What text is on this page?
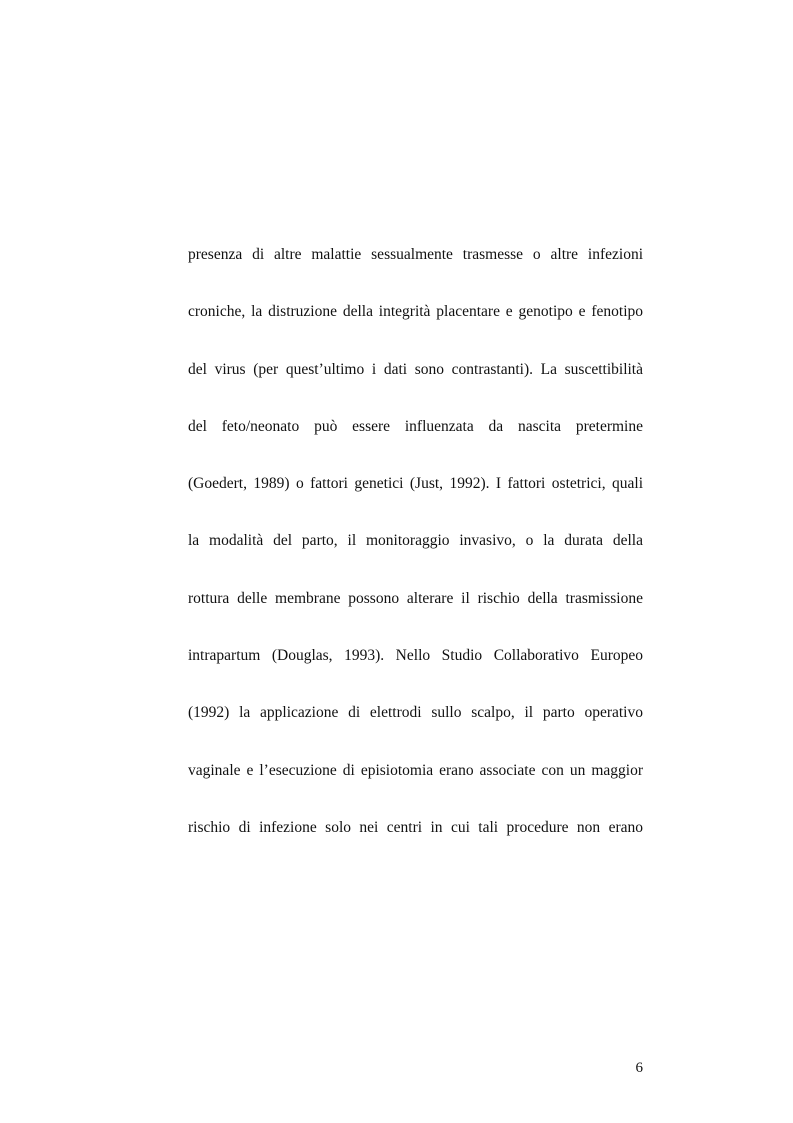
presenza di altre malattie sessualmente trasmesse o altre infezioni
croniche, la distruzione della integrità placentare e genotipo e fenotipo
del virus (per quest’ultimo i dati sono contrastanti). La suscettibilità
del feto/neonato può essere influenzata da nascita pretermine
(Goedert, 1989) o fattori genetici (Just, 1992). I fattori ostetrici, quali
la modalità del parto, il monitoraggio invasivo, o la durata della
rottura delle membrane possono alterare il rischio della trasmissione
intrapartum (Douglas, 1993). Nello Studio Collaborativo Europeo
(1992) la applicazione di elettrodi sullo scalpo, il parto operativo
vaginale e l’esecuzione di episiotomia erano associate con un maggior
rischio di infezione solo nei centri in cui tali procedure non erano
6
